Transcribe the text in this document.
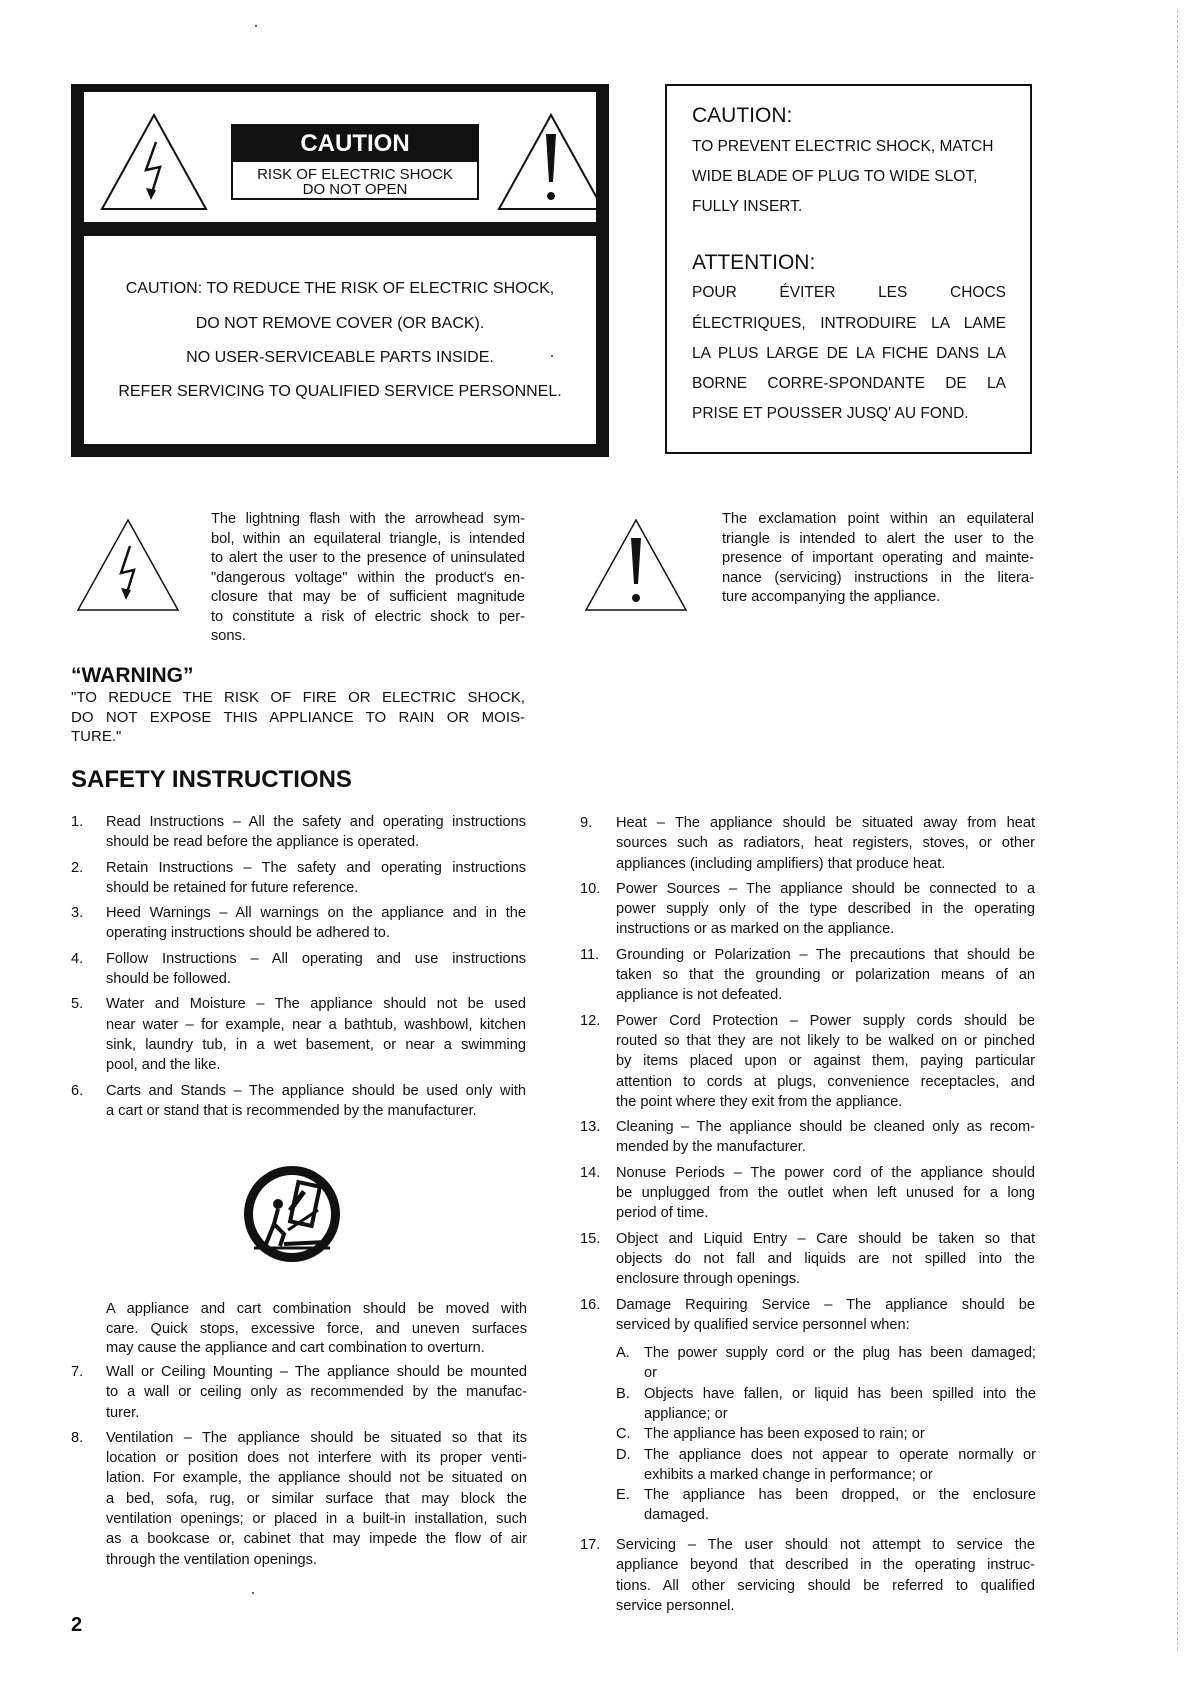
CAUTION
RISK OF ELECTRIC SHOCK
DO NOT OPEN
CAUTION: TO REDUCE THE RISK OF ELECTRIC SHOCK,
DO NOT REMOVE COVER (OR BACK).
NO USER-SERVICEABLE PARTS INSIDE.
REFER SERVICING TO QUALIFIED SERVICE PERSONNEL.
CAUTION:
TO PREVENT ELECTRIC SHOCK, MATCH
WIDE BLADE OF PLUG TO WIDE SLOT,
FULLY INSERT.
ATTENTION:
POUR ÉVITER LES CHOCS
ÉLECTRIQUES, INTRODUIRE LA LAME
LA PLUS LARGE DE LA FICHE DANS LA
BORNE CORRE-SPONDANTE DE LA
PRISE ET POUSSER JUSQ' AU FOND.
The lightning flash with the arrowhead sym-
bol, within an equilateral triangle, is intended
to alert the user to the presence of uninsulated
"dangerous voltage" within the product's en-
closure that may be of sufficient magnitude
to constitute a risk of electric shock to per-
sons.
The exclamation point within an equilateral
triangle is intended to alert the user to the
presence of important operating and mainte-
nance (servicing) instructions in the litera-
ture accompanying the appliance.
“WARNING”
"TO REDUCE THE RISK OF FIRE OR ELECTRIC SHOCK,
DO NOT EXPOSE THIS APPLIANCE TO RAIN OR MOIS-
TURE."
SAFETY INSTRUCTIONS
1. Read Instructions – All the safety and operating instructions
should be read before the appliance is operated.
2. Retain Instructions – The safety and operating instructions
should be retained for future reference.
3. Heed Warnings – All warnings on the appliance and in the
operating instructions should be adhered to.
4. Follow Instructions – All operating and use instructions
should be followed.
5. Water and Moisture – The appliance should not be used
near water – for example, near a bathtub, washbowl, kitchen
sink, laundry tub, in a wet basement, or near a swimming
pool, and the like.
6. Carts and Stands – The appliance should be used only with
a cart or stand that is recommended by the manufacturer.
7. Wall or Ceiling Mounting – The appliance should be mounted
to a wall or ceiling only as recommended by the manufac-
turer.
8. Ventilation – The appliance should be situated so that its
location or position does not interfere with its proper venti-
lation. For example, the appliance should not be situated on
a bed, sofa, rug, or similar surface that may block the
ventilation openings; or placed in a built-in installation, such
as a bookcase or, cabinet that may impede the flow of air
through the ventilation openings.
9. Heat – The appliance should be situated away from heat
sources such as radiators, heat registers, stoves, or other
appliances (including amplifiers) that produce heat.
10. Power Sources – The appliance should be connected to a
power supply only of the type described in the operating
instructions or as marked on the appliance.
11. Grounding or Polarization – The precautions that should be
taken so that the grounding or polarization means of an
appliance is not defeated.
12. Power Cord Protection – Power supply cords should be
routed so that they are not likely to be walked on or pinched
by items placed upon or against them, paying particular
attention to cords at plugs, convenience receptacles, and
the point where they exit from the appliance.
13. Cleaning – The appliance should be cleaned only as recom-
mended by the manufacturer.
14. Nonuse Periods – The power cord of the appliance should
be unplugged from the outlet when left unused for a long
period of time.
15. Object and Liquid Entry – Care should be taken so that
objects do not fall and liquids are not spilled into the
enclosure through openings.
16. Damage Requiring Service – The appliance should be
serviced by qualified service personnel when:
A. The power supply cord or the plug has been damaged;
or
B. Objects have fallen, or liquid has been spilled into the
appliance; or
C. The appliance has been exposed to rain; or
D. The appliance does not appear to operate normally or
exhibits a marked change in performance; or
E. The appliance has been dropped, or the enclosure
damaged.
17. Servicing – The user should not attempt to service the
appliance beyond that described in the operating instruc-
tions. All other servicing should be referred to qualified
service personnel.
A appliance and cart combination should be moved with
care. Quick stops, excessive force, and uneven surfaces
may cause the appliance and cart combination to overturn.
2
